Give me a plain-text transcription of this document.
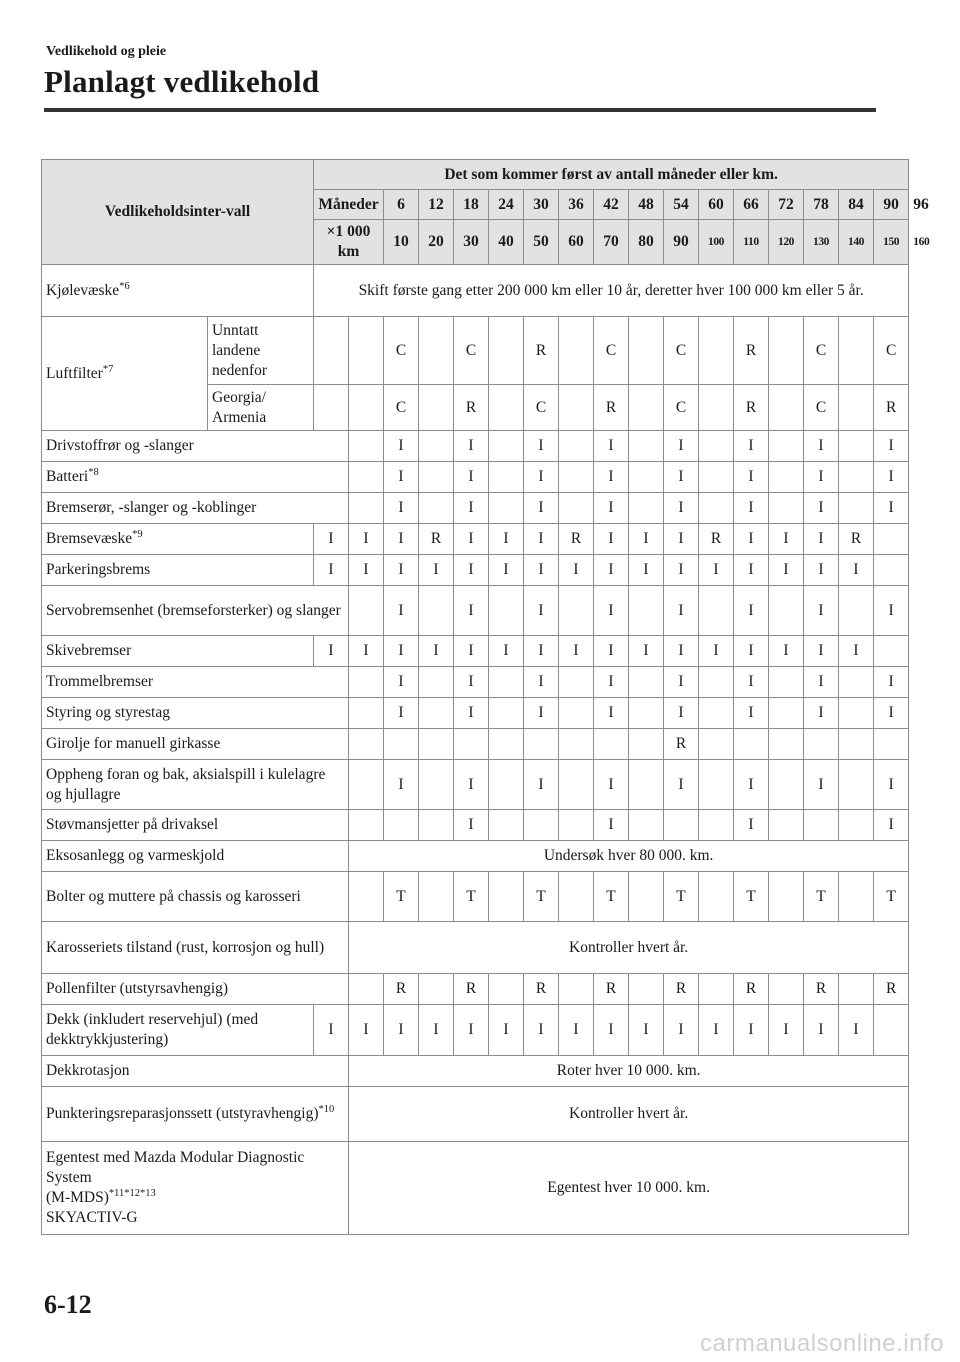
Vedlikehold og pleie
Planlagt vedlikehold
Vedlikeholdsinter-vall		Det som kommer først av antall måneder eller km.																	
		Måneder		6	12	18	24	30	36	42	48	54	60	66	72	78	84	90	96
		×1 000 km		10	20	30	40	50	60	70	80	90	100	110	120	130	140	150	160
Kjølevæske$^{*6}$		Skift første gang etter 200 000 km eller 10 år, deretter hver 100 000 km eller 5 år.																	
Luftfilter$^{*7}$	Unntatt landene nedenfor			C		C		R		C		C		R		C		C	
	Georgia/ Armenia			C		R		C		R		C		R		C		R	
Drivstoffrør og -slanger				I		I		I		I		I		I		I		I	
Batteri$^{*8}$				I		I		I		I		I		I		I		I	
Bremserør, -slanger og -koblinger				I		I		I		I		I		I		I		I	
Bremsevæske$^{*9}$		I	I	I	R	I	I	I	R	I	I	I	R	I	I	I	R		
Parkeringsbrems		I	I	I	I	I	I	I	I	I	I	I	I	I	I	I	I		
Servobremsenhet (bremseforsterker) og slanger				I		I		I		I		I		I		I		I	
Skivebremser		I	I	I	I	I	I	I	I	I	I	I	I	I	I	I	I		
Trommelbremser				I		I		I		I		I		I		I		I	
Styring og styrestag				I		I		I		I		I		I		I		I	
Girolje for manuell girkasse												R							
Oppheng foran og bak, aksialspill i kulelagre og hjullagre				I		I		I		I		I		I		I		I	
Støvmansjetter på drivaksel						I				I				I				I	
Eksosanlegg og varmeskjold			Undersøk hver 80 000. km.																
Bolter og muttere på chassis og karosseri				T		T		T		T		T		T		T		T	
Karosseriets tilstand (rust, korrosjon og hull)			Kontroller hvert år.																
Pollenfilter (utstyrsavhengig)				R		R		R		R		R		R		R		R	
Dekk (inkludert reservehjul) (med dekktrykkjustering)		I	I	I	I	I	I	I	I	I	I	I	I	I	I	I	I		
Dekkrotasjon			Roter hver 10 000. km.																
Punkteringsreparasjonssett (utstyravhengig)$^{*10}$			Kontroller hvert år.																
Egentest med Mazda Modular Diagnostic System
$(M-MDS)^{*11*12*13}$
SKYACTIV-G			Egentest hver 10 000. km.																
6-12
carmanualsonline.info
